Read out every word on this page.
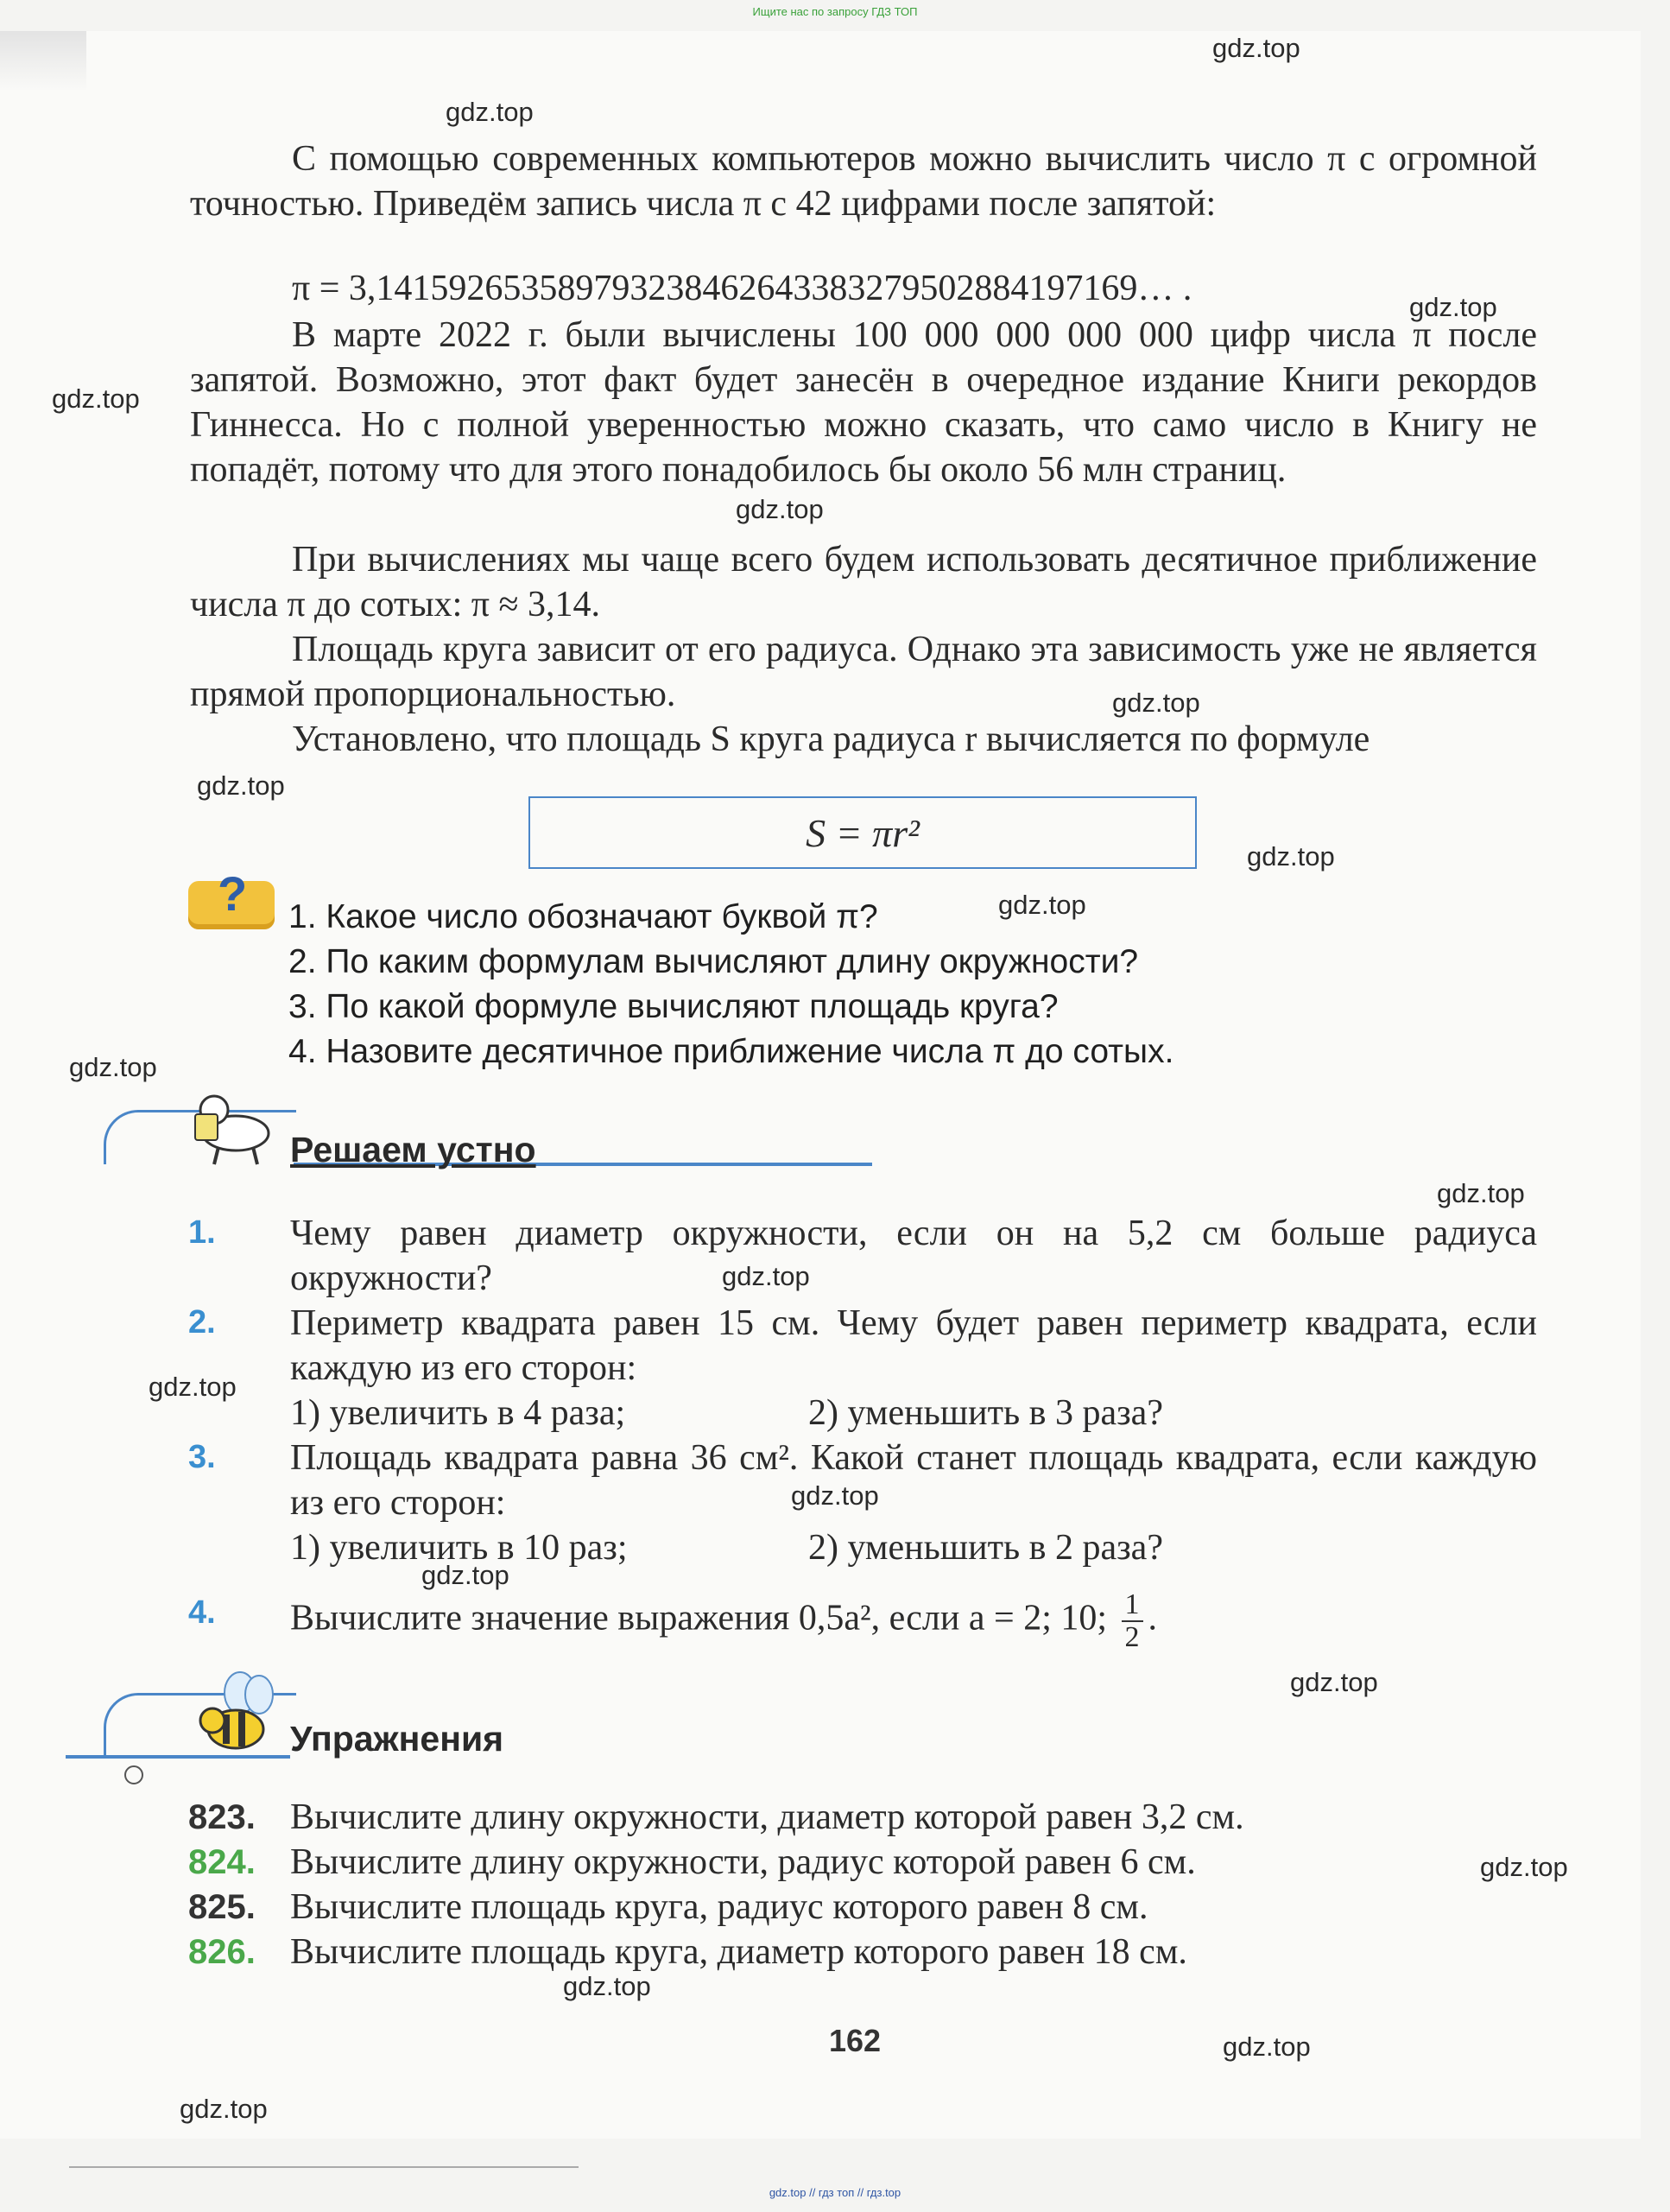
Ищите нас по запросу ГДЗ ТОП
С помощью современных компьютеров можно вычислить число π с огромной точностью. Приведём запись числа π с 42 цифрами после запятой:
π = 3,141592653589793238462643383279502884197169… .
В марте 2022 г. были вычислены 100 000 000 000 000 цифр числа π после запятой. Возможно, этот факт будет занесён в очередное издание Книги рекордов Гиннесса. Но с полной уверенностью можно сказать, что само число в Книгу не попадёт, потому что для этого понадобилось бы около 56 млн страниц.
При вычислениях мы чаще всего будем использовать десятичное приближение числа π до сотых: π ≈ 3,14.
Площадь круга зависит от его радиуса. Однако эта зависимость уже не является прямой пропорциональностью.
Установлено, что площадь S круга радиуса r вычисляется по формуле
S = πr²
? 1. Какое число обозначают буквой π?
2. По каким формулам вычисляют длину окружности?
3. По какой формуле вычисляют площадь круга?
4. Назовите десятичное приближение числа π до сотых.
Решаем устно
1. Чему равен диаметр окружности, если он на 5,2 см больше радиуса окружности?
2. Периметр квадрата равен 15 см. Чему будет равен периметр квадрата, если каждую из его сторон:
1) увеличить в 4 раза;	2) уменьшить в 3 раза?
3. Площадь квадрата равна 36 см². Какой станет площадь квадрата, если каждую из его сторон:
1) увеличить в 10 раз;	2) уменьшить в 2 раза?
4. Вычислите значение выражения 0,5a², если a = 2; 10; $\frac{1}{2}$ .
Упражнения
823. Вычислите длину окружности, диаметр которой равен 3,2 см.
824. Вычислите длину окружности, радиус которой равен 6 см.
825. Вычислите площадь круга, радиус которого равен 8 см.
826. Вычислите площадь круга, диаметр которого равен 18 см.
162
gdz.top
gdz.top
gdz.top
gdz.top
gdz.top
gdz.top
gdz.top
gdz.top
gdz.top
gdz.top
gdz.top
gdz.top
gdz.top
gdz.top
gdz.top
gdz.top
gdz.top
gdz.top
gdz.top
gdz.top
gdz.top // гдз топ // гдз.top
